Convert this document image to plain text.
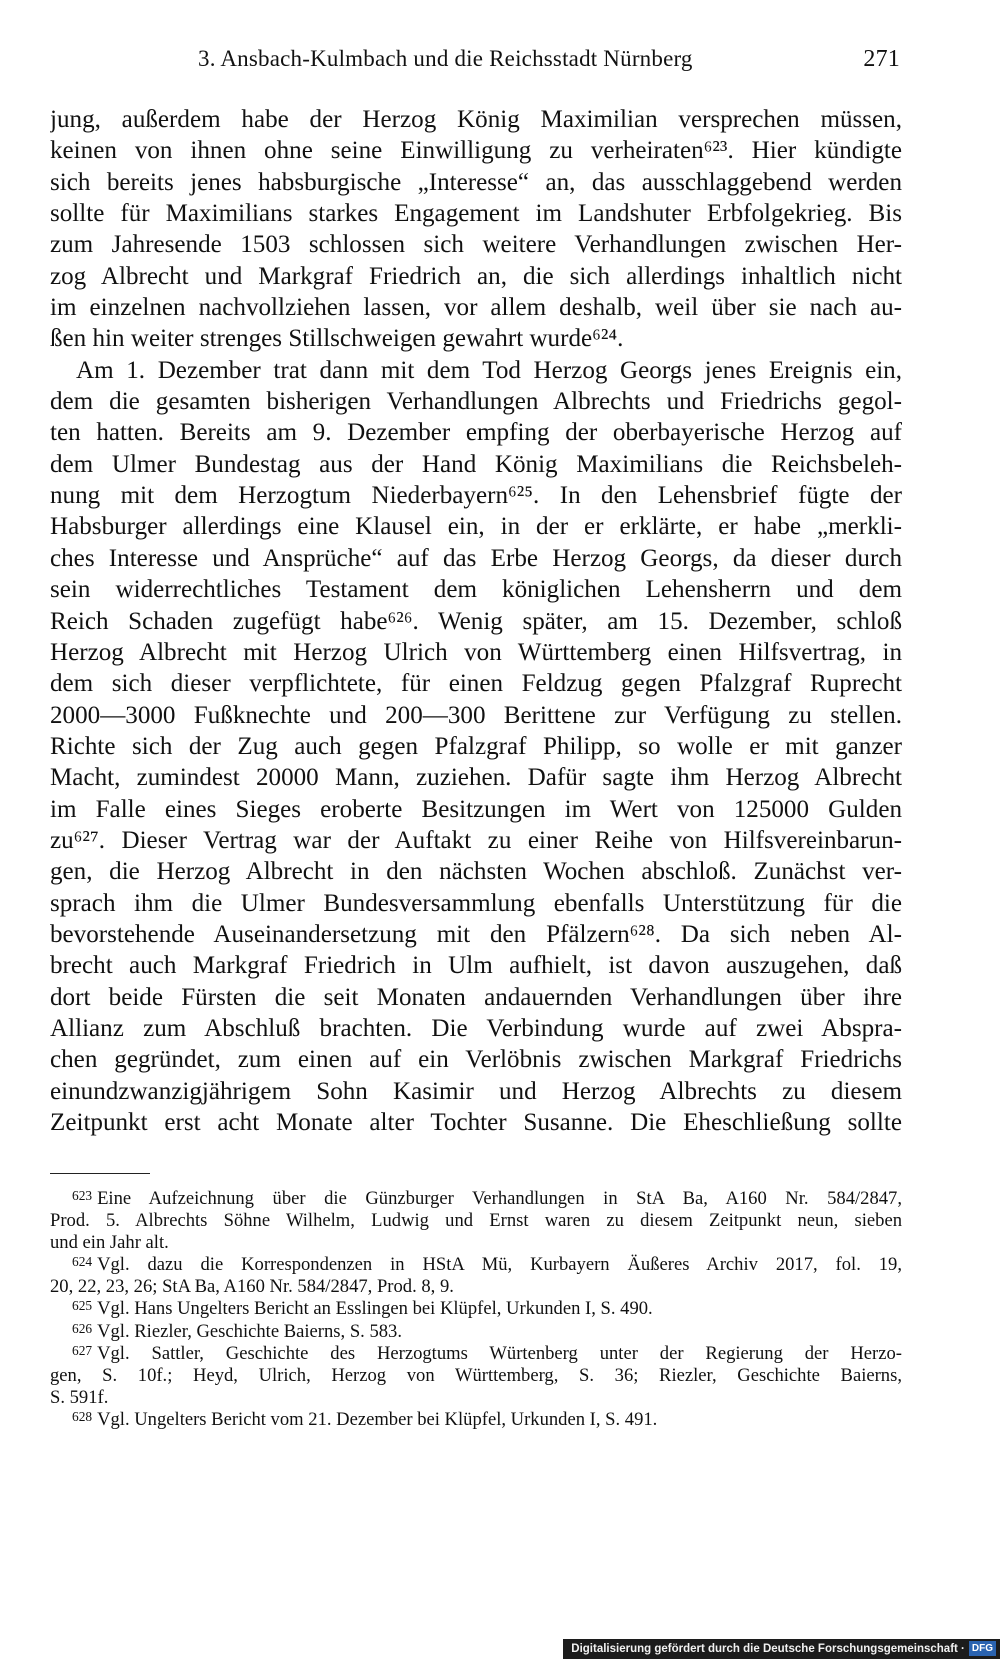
3. Ansbach-Kulmbach und die Reichsstadt Nürnberg	271
jung, außerdem habe der Herzog König Maximilian versprechen müssen,
keinen von ihnen ohne seine Einwilligung zu verheiraten⁶²³. Hier kündigte
sich bereits jenes habsburgische „Interesse“ an, das ausschlaggebend werden
sollte für Maximilians starkes Engagement im Landshuter Erbfolgekrieg. Bis
zum Jahresende 1503 schlossen sich weitere Verhandlungen zwischen Her-
zog Albrecht und Markgraf Friedrich an, die sich allerdings inhaltlich nicht
im einzelnen nachvollziehen lassen, vor allem deshalb, weil über sie nach au-
ßen hin weiter strenges Stillschweigen gewahrt wurde⁶²⁴.
Am 1. Dezember trat dann mit dem Tod Herzog Georgs jenes Ereignis ein,
dem die gesamten bisherigen Verhandlungen Albrechts und Friedrichs gegol-
ten hatten. Bereits am 9. Dezember empfing der oberbayerische Herzog auf
dem Ulmer Bundestag aus der Hand König Maximilians die Reichsbeleh-
nung mit dem Herzogtum Niederbayern⁶²⁵. In den Lehensbrief fügte der
Habsburger allerdings eine Klausel ein, in der er erklärte, er habe „merkli-
ches Interesse und Ansprüche“ auf das Erbe Herzog Georgs, da dieser durch
sein widerrechtliches Testament dem königlichen Lehensherrn und dem
Reich Schaden zugefügt habe⁶²⁶. Wenig später, am 15. Dezember, schloß
Herzog Albrecht mit Herzog Ulrich von Württemberg einen Hilfsvertrag, in
dem sich dieser verpflichtete, für einen Feldzug gegen Pfalzgraf Ruprecht
2000—3000 Fußknechte und 200—300 Berittene zur Verfügung zu stellen.
Richte sich der Zug auch gegen Pfalzgraf Philipp, so wolle er mit ganzer
Macht, zumindest 20000 Mann, zuziehen. Dafür sagte ihm Herzog Albrecht
im Falle eines Sieges eroberte Besitzungen im Wert von 125000 Gulden
zu⁶²⁷. Dieser Vertrag war der Auftakt zu einer Reihe von Hilfsvereinbarun-
gen, die Herzog Albrecht in den nächsten Wochen abschloß. Zunächst ver-
sprach ihm die Ulmer Bundesversammlung ebenfalls Unterstützung für die
bevorstehende Auseinandersetzung mit den Pfälzern⁶²⁸. Da sich neben Al-
brecht auch Markgraf Friedrich in Ulm aufhielt, ist davon auszugehen, daß
dort beide Fürsten die seit Monaten andauernden Verhandlungen über ihre
Allianz zum Abschluß brachten. Die Verbindung wurde auf zwei Abspra-
chen gegründet, zum einen auf ein Verlöbnis zwischen Markgraf Friedrichs
einundzwanzigjährigem Sohn Kasimir und Herzog Albrechts zu diesem
Zeitpunkt erst acht Monate alter Tochter Susanne. Die Eheschließung sollte
$^{623}$ Eine Aufzeichnung über die Günzburger Verhandlungen in StA Ba, A160 Nr. 584/2847,
Prod. 5. Albrechts Söhne Wilhelm, Ludwig und Ernst waren zu diesem Zeitpunkt neun, sieben
und ein Jahr alt.
$^{624}$ Vgl. dazu die Korrespondenzen in HStA Mü, Kurbayern Äußeres Archiv 2017, fol. 19,
20, 22, 23, 26; StA Ba, A160 Nr. 584/2847, Prod. 8, 9.
$^{625}$ Vgl. Hans Ungelters Bericht an Esslingen bei Klüpfel, Urkunden I, S. 490.
$^{626}$ Vgl. Riezler, Geschichte Baierns, S. 583.
$^{627}$ Vgl. Sattler, Geschichte des Herzogtums Würtenberg unter der Regierung der Herzo-
gen, S. 10f.; Heyd, Ulrich, Herzog von Württemberg, S. 36; Riezler, Geschichte Baierns,
S. 591f.
$^{628}$ Vgl. Ungelters Bericht vom 21. Dezember bei Klüpfel, Urkunden I, S. 491.
Digitalisierung gefördert durch die Deutsche Forschungsgemeinschaft · DFG
